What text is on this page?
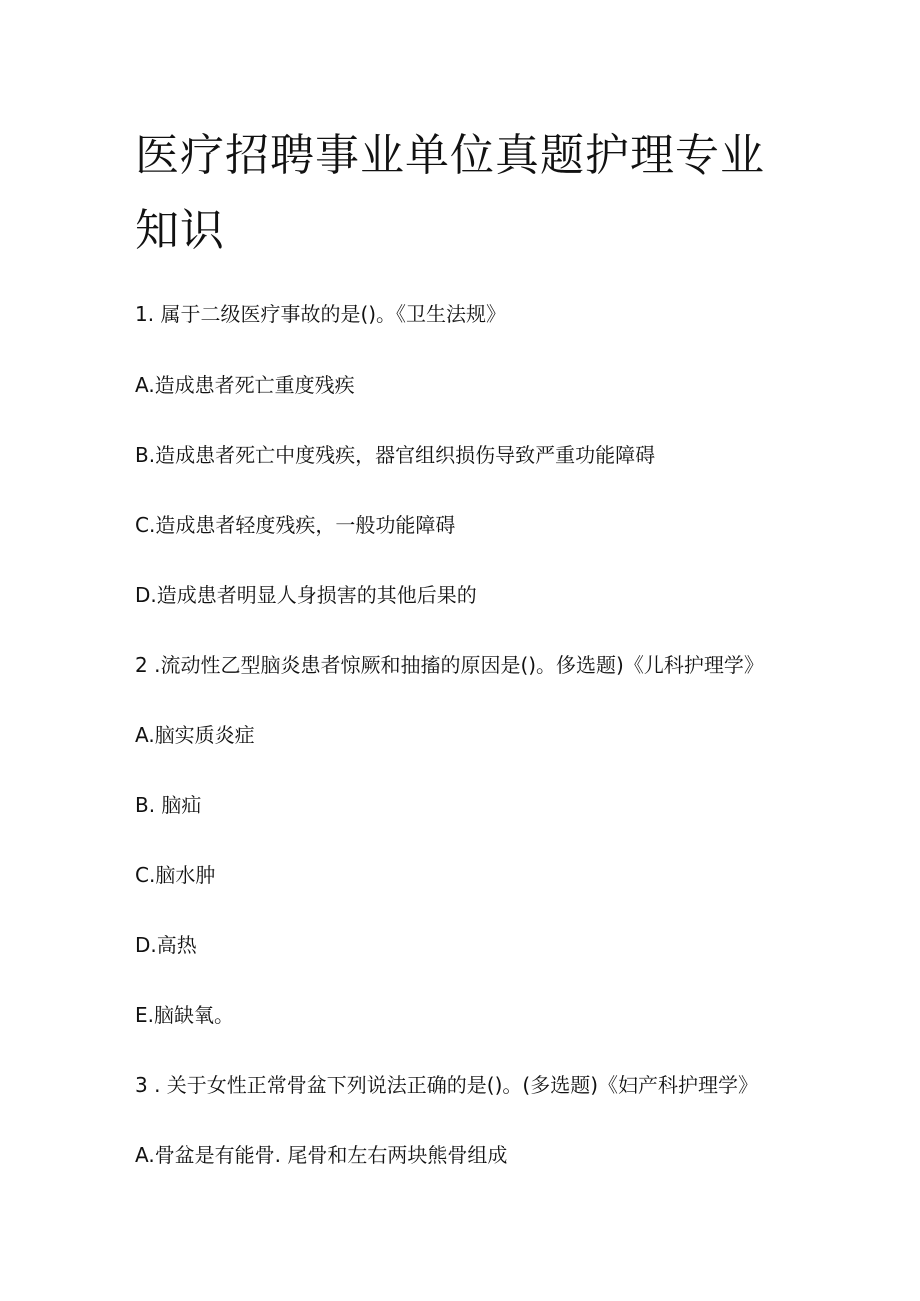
医疗招聘事业单位真题护理专业知识

1. 属于二级医疗事故的是()。《卫生法规》

A.造成患者死亡重度残疾

B.造成患者死亡中度残疾，器官组织损伤导致严重功能障碍

C.造成患者轻度残疾，一般功能障碍

D.造成患者明显人身损害的其他后果的

2 .流动性乙型脑炎患者惊厥和抽搐的原因是()。侈选题)《儿科护理学》

A.脑实质炎症

B. 脑疝

C.脑水肿

D.高热

E.脑缺氧。

3 . 关于女性正常骨盆下列说法正确的是()。(多选题)《妇产科护理学》

A.骨盆是有能骨. 尾骨和左右两块熊骨组成
